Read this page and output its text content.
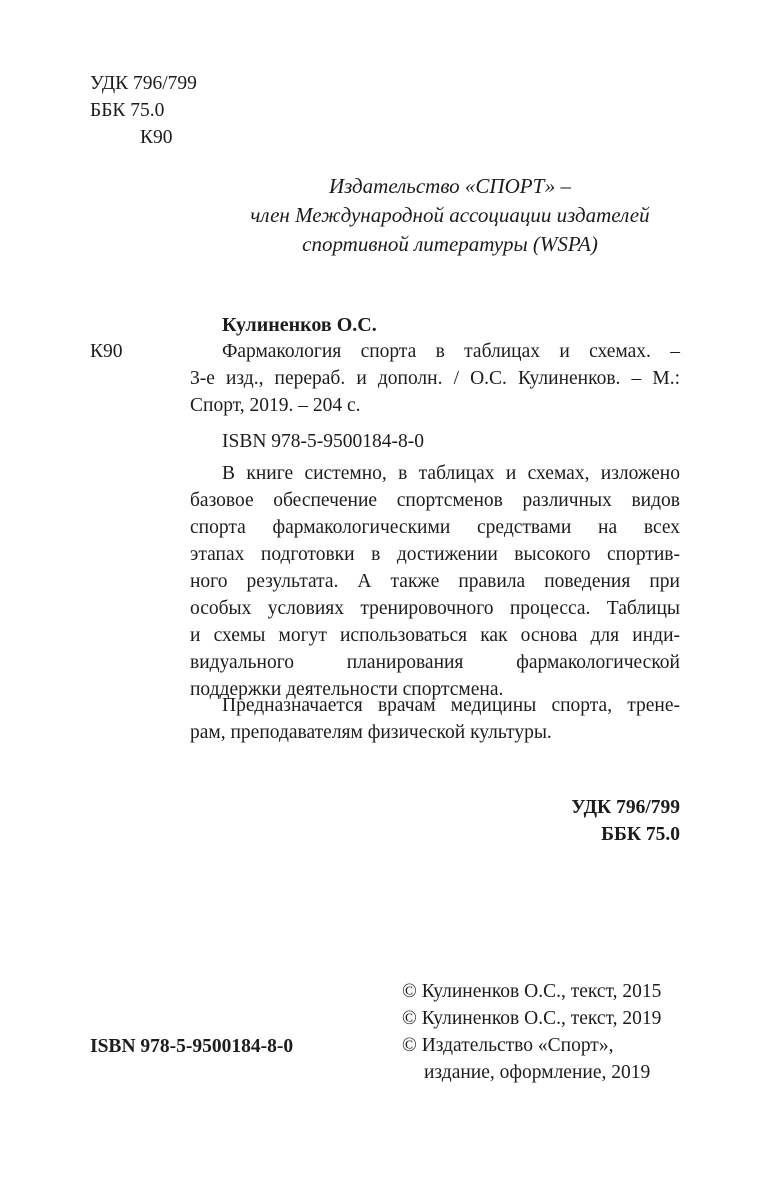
УДК 796/799
ББК 75.0
К90
Издательство «СПОРТ» –
член Международной ассоциации издателей
спортивной литературы (WSPA)
Кулиненков О.С.
К90	Фармакология спорта в таблицах и схемах. –
3-е изд., перераб. и дополн. / О.С. Кулиненков. – М.:
Спорт, 2019. – 204 с.
ISBN 978-5-9500184-8-0
В книге системно, в таблицах и схемах, изложено
базовое обеспечение спортсменов различных видов
спорта фармакологическими средствами на всех
этапах подготовки в достижении высокого спортив-
ного результата. А также правила поведения при
особых условиях тренировочного процесса. Таблицы
и схемы могут использоваться как основа для инди-
видуального планирования фармакологической
поддержки деятельности спортсмена.
Предназначается врачам медицины спорта, трене-
рам, преподавателям физической культуры.
УДК 796/799
ББК 75.0
© Кулиненков О.С., текст, 2015
© Кулиненков О.С., текст, 2019
© Издательство «Спорт»,
издание, оформление, 2019
ISBN 978-5-9500184-8-0
